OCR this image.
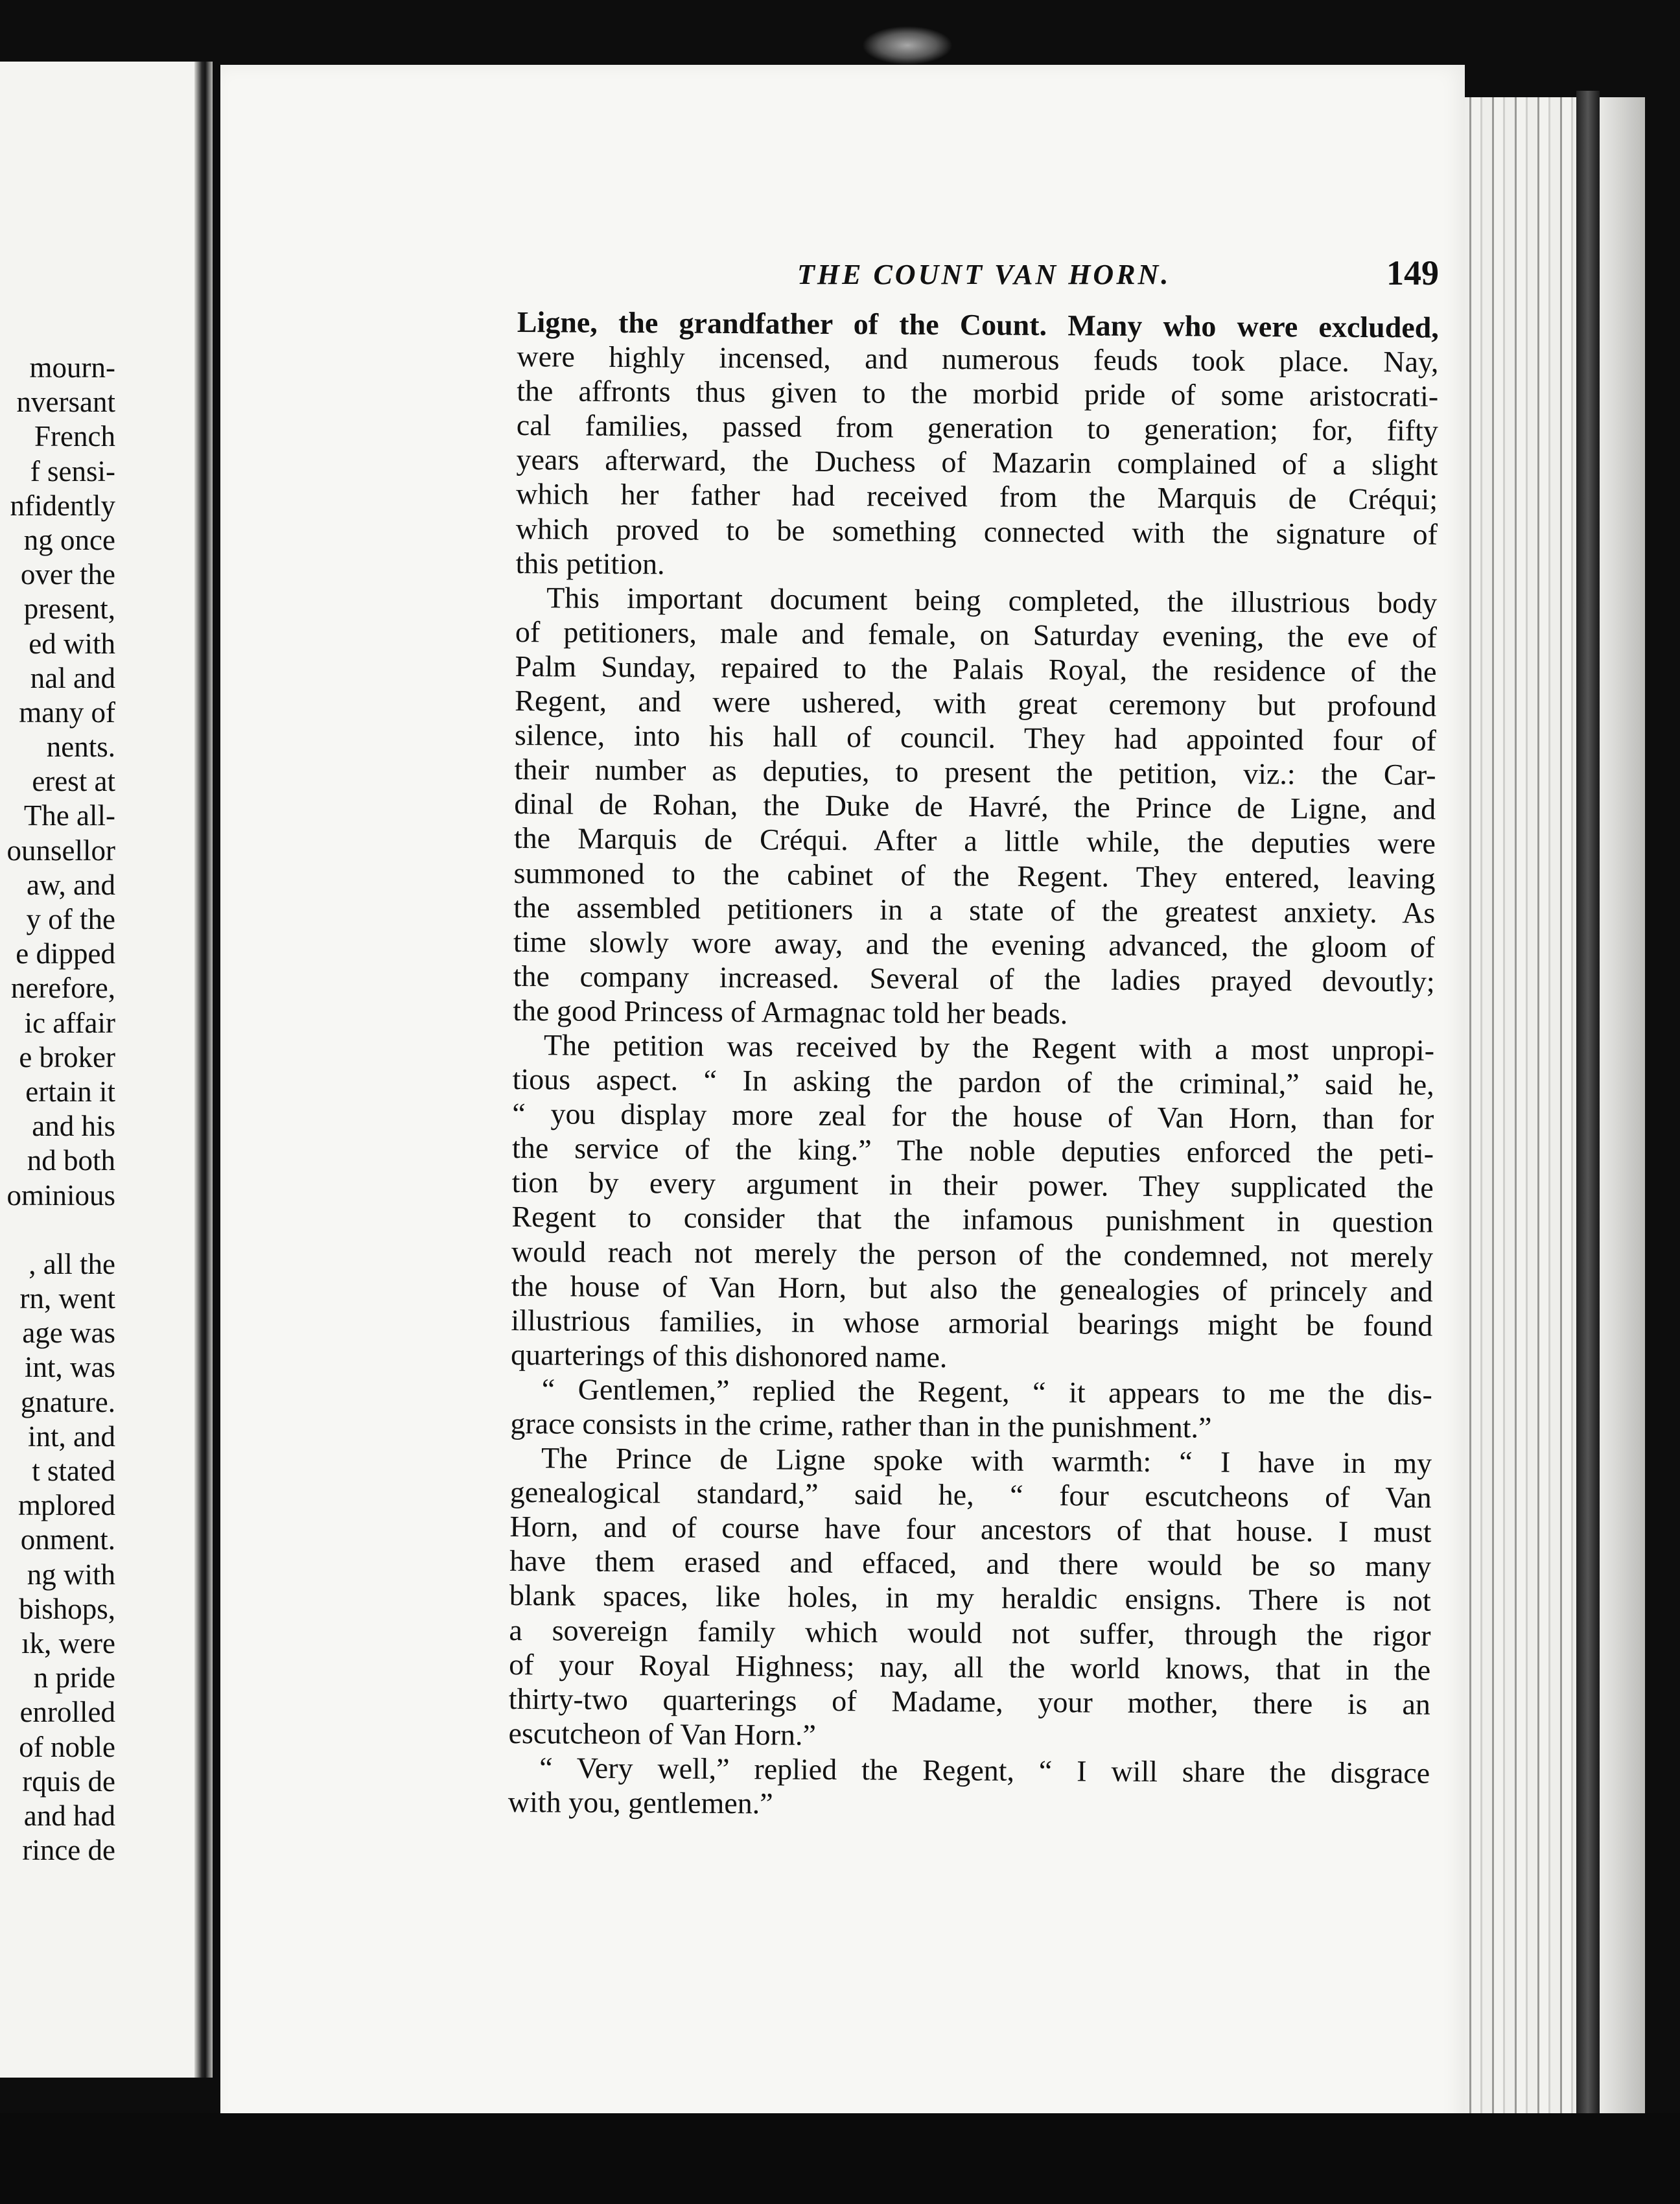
mourn-
nversant
French
f sensi-
nfidently
ng once
over the
present,
ed with
nal and
many of
nents.
erest at
The all-
ounsellor
aw, and
y of the
e dipped
nerefore,
ic affair
e broker
ertain it
and his
nd both
ominious
, all the
rn, went
age was
int, was
gnature.
int, and
t stated
mplored
onment.
ng with
bishops,
ık, were
n pride
enrolled
of noble
rquis de
and had
rince de
THE COUNT VAN HORN.	149

Ligne, the grandfather of the Count. Many who were excluded,
were highly incensed, and numerous feuds took place. Nay,
the affronts thus given to the morbid pride of some aristocrati-
cal families, passed from generation to generation; for, fifty
years afterward, the Duchess of Mazarin complained of a slight
which her father had received from the Marquis de Créqui;
which proved to be something connected with the signature of
this petition.

This important document being completed, the illustrious body
of petitioners, male and female, on Saturday evening, the eve of
Palm Sunday, repaired to the Palais Royal, the residence of the
Regent, and were ushered, with great ceremony but profound
silence, into his hall of council. They had appointed four of
their number as deputies, to present the petition, viz.: the Car-
dinal de Rohan, the Duke de Havré, the Prince de Ligne, and
the Marquis de Créqui. After a little while, the deputies were
summoned to the cabinet of the Regent. They entered, leaving
the assembled petitioners in a state of the greatest anxiety. As
time slowly wore away, and the evening advanced, the gloom of
the company increased. Several of the ladies prayed devoutly;
the good Princess of Armagnac told her beads.

The petition was received by the Regent with a most unpropi-
tious aspect. “ In asking the pardon of the criminal,” said he,
“ you display more zeal for the house of Van Horn, than for
the service of the king.” The noble deputies enforced the peti-
tion by every argument in their power. They supplicated the
Regent to consider that the infamous punishment in question
would reach not merely the person of the condemned, not merely
the house of Van Horn, but also the genealogies of princely and
illustrious families, in whose armorial bearings might be found
quarterings of this dishonored name.

“ Gentlemen,” replied the Regent, “ it appears to me the dis-
grace consists in the crime, rather than in the punishment.”

The Prince de Ligne spoke with warmth: “ I have in my
genealogical standard,” said he, “ four escutcheons of Van
Horn, and of course have four ancestors of that house. I must
have them erased and effaced, and there would be so many
blank spaces, like holes, in my heraldic ensigns. There is not
a sovereign family which would not suffer, through the rigor
of your Royal Highness; nay, all the world knows, that in the
thirty-two quarterings of Madame, your mother, there is an
escutcheon of Van Horn.”

“ Very well,” replied the Regent, “ I will share the disgrace
with you, gentlemen.”
